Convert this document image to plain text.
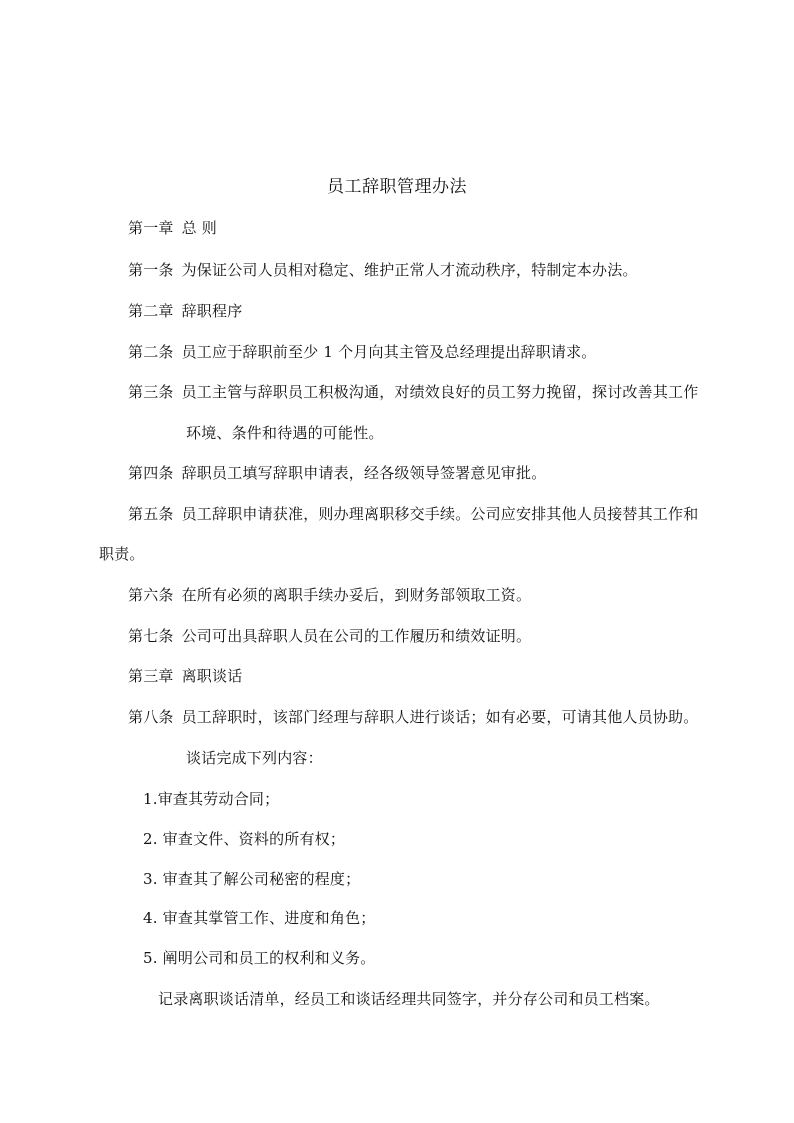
员工辞职管理办法
第一章 总 则
第一条 为保证公司人员相对稳定、维护正常人才流动秩序，特制定本办法。
第二章 辞职程序
第二条 员工应于辞职前至少 1 个月向其主管及总经理提出辞职请求。
第三条 员工主管与辞职员工积极沟通，对绩效良好的员工努力挽留，探讨改善其工作
环境、条件和待遇的可能性。
第四条 辞职员工填写辞职申请表，经各级领导签署意见审批。
第五条 员工辞职申请获准，则办理离职移交手续。公司应安排其他人员接替其工作和
职责。
第六条 在所有必须的离职手续办妥后，到财务部领取工资。
第七条 公司可出具辞职人员在公司的工作履历和绩效证明。
第三章 离职谈话
第八条 员工辞职时，该部门经理与辞职人进行谈话；如有必要，可请其他人员协助。
谈话完成下列内容：
1.审查其劳动合同；
2. 审查文件、资料的所有权；
3. 审查其了解公司秘密的程度；
4. 审查其掌管工作、进度和角色；
5. 阐明公司和员工的权利和义务。
记录离职谈话清单，经员工和谈话经理共同签字，并分存公司和员工档案。
